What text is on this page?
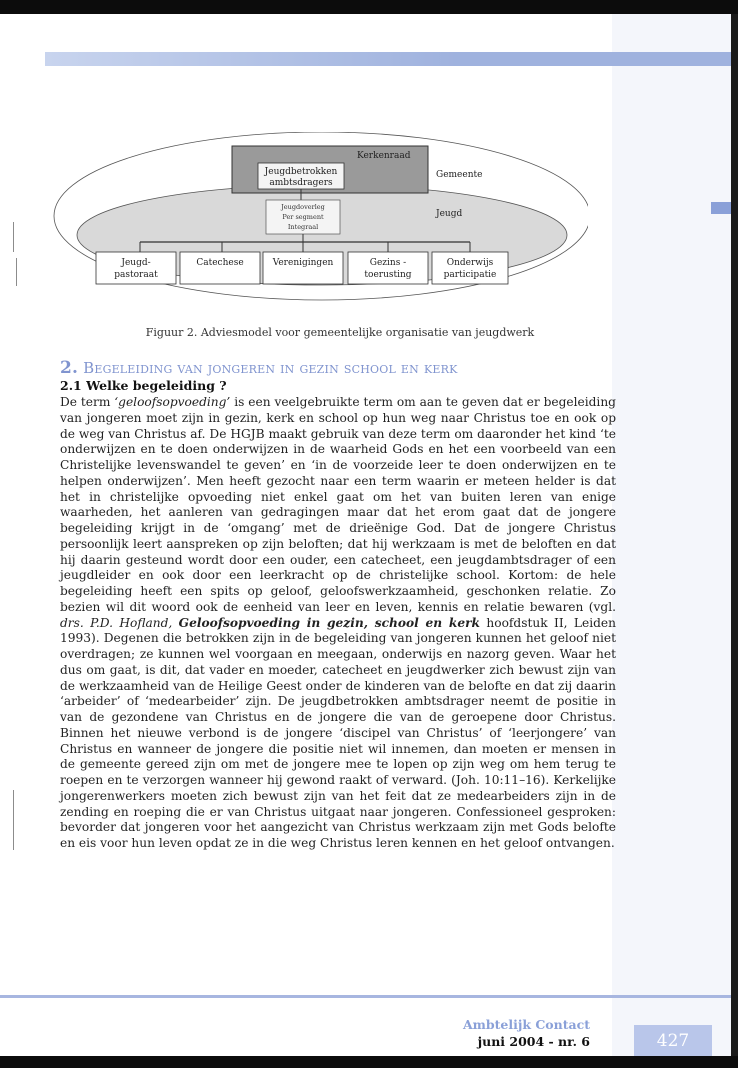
Kerkenraad
Gemeente
Jeugd
Jeugdbetrokken
ambtsdragers
Jeugdoverleg
Per segment
Integraal
Jeugd-
pastoraat
Catechese	Verenigingen	Gezins -
toerusting
Onderwijs
participatie
Figuur 2. Adviesmodel voor gemeentelijke organisatie van jeugdwerk
2. Begeleiding van jongeren in gezin school en kerk
2.1 Welke begeleiding ?
De term ‘geloofsopvoeding’ is een veelgebruikte term om aan te geven dat er begeleiding van jongeren moet zijn in gezin, kerk en school op hun weg naar Christus toe en ook op de weg van Christus af. De HGJB maakt gebruik van deze term om daaronder het kind ‘te onderwijzen en te doen onderwijzen in de waarheid Gods en het een voorbeeld van een Christelijke levenswandel te geven’ en ‘in de voorzeide leer te doen onderwijzen en te helpen onderwijzen’. Men heeft gezocht naar een term waarin er meteen helder is dat het in christelijke opvoeding niet enkel gaat om het van buiten leren van enige waarheden, het aanleren van gedragingen maar dat het erom gaat dat de jongere begeleiding krijgt in de ‘omgang’ met de drieënige God. Dat de jongere Christus persoonlijk leert aanspreken op zijn beloften; dat hij werkzaam is met de beloften en dat hij daarin gesteund wordt door een ouder, een catecheet, een jeugdambtsdrager of een jeugdleider en ook door een leerkracht op de christelijke school. Kortom: de hele begeleiding heeft een spits op geloof, geloofswerkzaamheid, geschonken relatie. Zo bezien wil dit woord ook de eenheid van leer en leven, kennis en relatie bewaren (vgl. drs. P.D. Hofland, Geloofsopvoeding in gezin, school en kerk hoofdstuk II, Leiden 1993). Degenen die betrokken zijn in de begeleiding van jongeren kunnen het geloof niet overdragen; ze kunnen wel voorgaan en meegaan, onderwijs en nazorg geven. Waar het dus om gaat, is dit, dat vader en moeder, catecheet en jeugdwerker zich bewust zijn van de werkzaamheid van de Heilige Geest onder de kinderen van de belofte en dat zij daarin ‘arbeider’ of ‘medearbeider’ zijn. De jeugdbetrokken ambtsdrager neemt de positie in van de gezondene van Christus en de jongere die van de geroepene door Christus. Binnen het nieuwe verbond is de jongere ‘discipel van Christus’ of ‘leerjongere’ van Christus en wanneer de jongere die positie niet wil innemen, dan moeten er mensen in de gemeente gereed zijn om met de jongere mee te lopen op zijn weg om hem terug te roepen en te verzorgen wanneer hij gewond raakt of verward. (Joh. 10:11–16). Kerkelijke jongerenwerkers moeten zich bewust zijn van het feit dat ze medearbeiders zijn in de zending en roeping die er van Christus uitgaat naar jongeren. Confessioneel gesproken: bevorder dat jongeren voor het aangezicht van Christus werkzaam zijn met Gods belofte en eis voor hun leven opdat ze in die weg Christus leren kennen en het geloof ontvangen.
Ambtelijk Contact
juni 2004 - nr. 6	427
